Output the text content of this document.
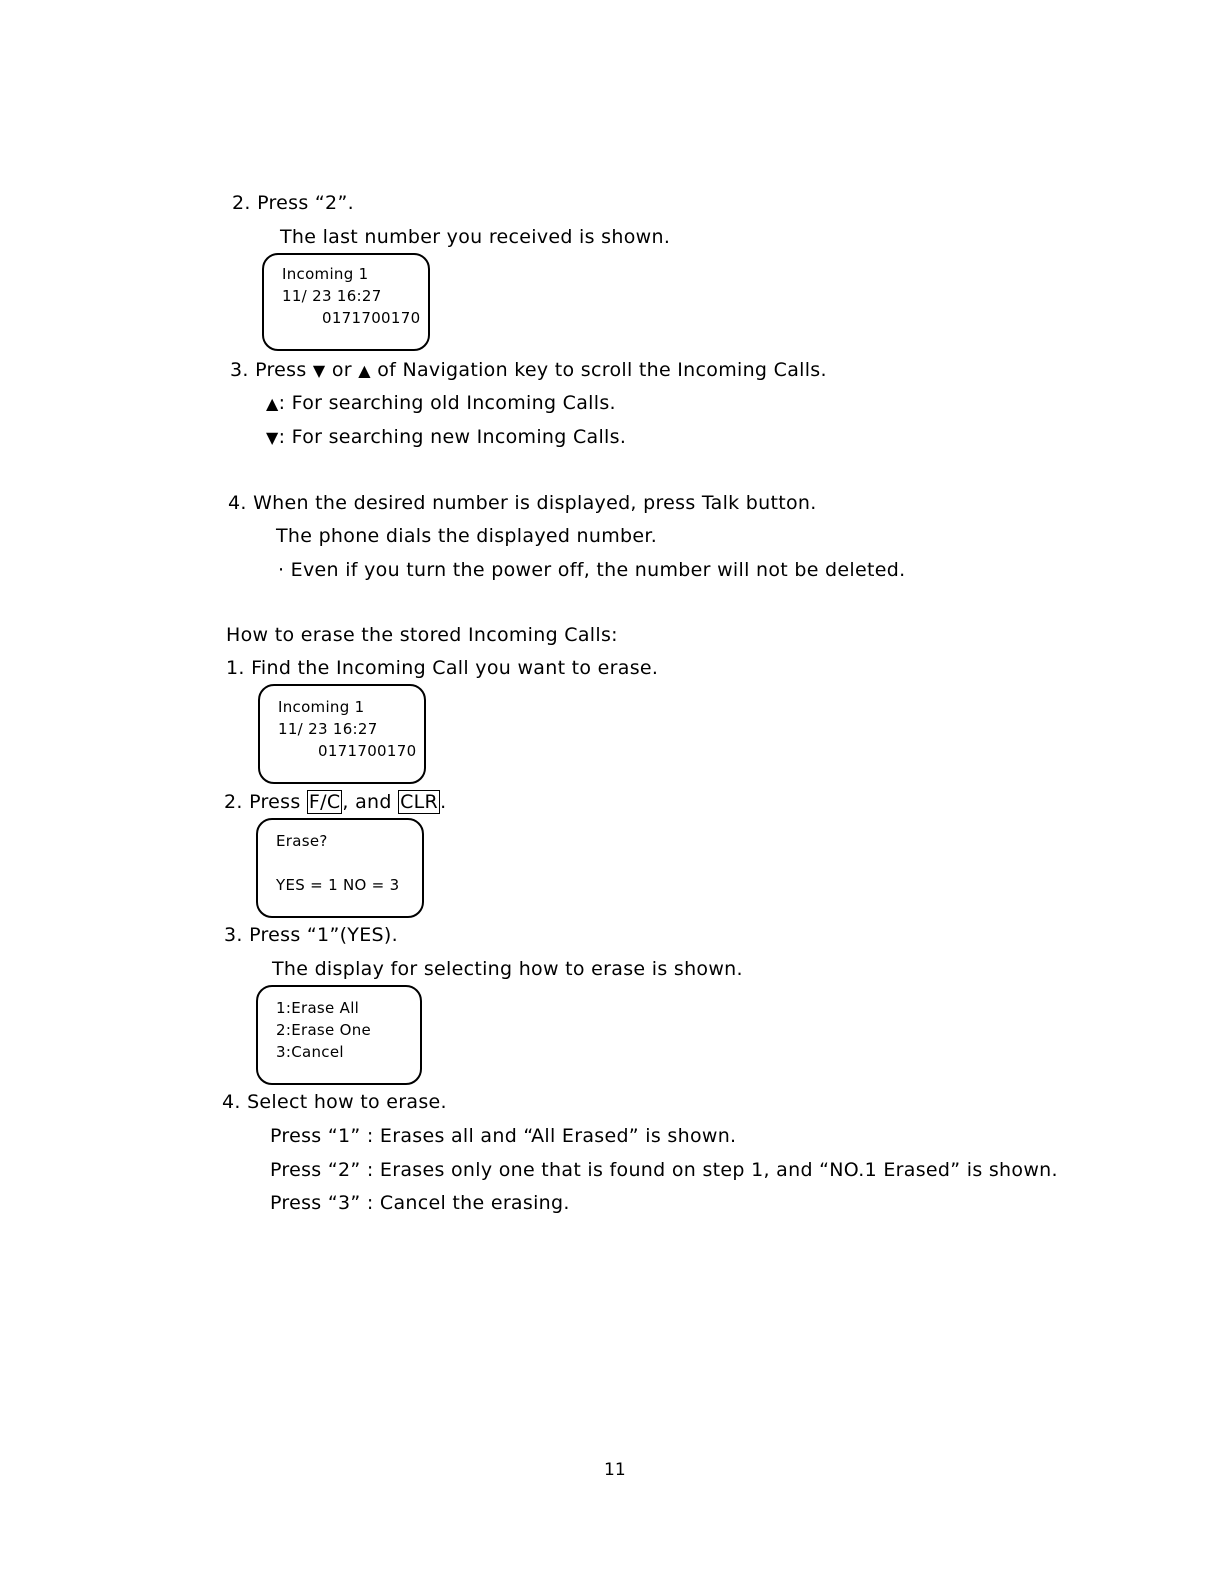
2. Press “2”.
The last number you received is shown.
Incoming 1
11/ 23 16:27
0171700170
3. Press ▼ or ▲ of Navigation key to scroll the Incoming Calls.
▲: For searching old Incoming Calls.
▼: For searching new Incoming Calls.
4. When the desired number is displayed, press Talk button.
The phone dials the displayed number.
· Even if you turn the power off, the number will not be deleted.
How to erase the stored Incoming Calls:
1. Find the Incoming Call you want to erase.
Incoming 1
11/ 23 16:27
0171700170
2. Press F/C , and CLR .
Erase?
YES = 1 NO = 3
3. Press “1”(YES).
The display for selecting how to erase is shown.
1:Erase All
2:Erase One
3:Cancel
4. Select how to erase.
Press “1” : Erases all and “All Erased” is shown.
Press “2” : Erases only one that is found on step 1, and “NO.1 Erased” is shown.
Press “3” : Cancel the erasing.
11
